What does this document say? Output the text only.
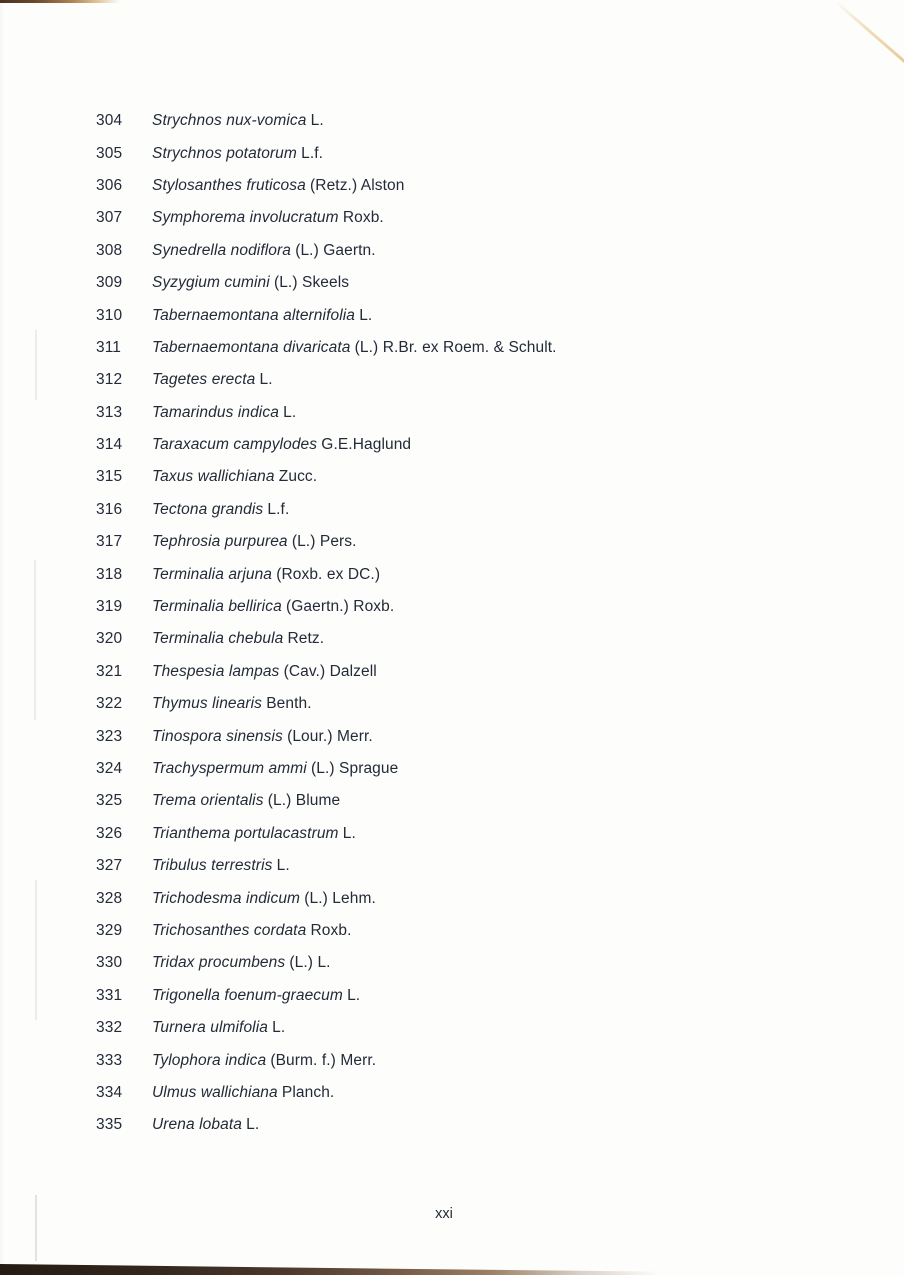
304	Strychnos nux-vomica L.
305	Strychnos potatorum L.f.
306	Stylosanthes fruticosa (Retz.) Alston
307	Symphorema involucratum Roxb.
308	Synedrella nodiflora (L.) Gaertn.
309	Syzygium cumini (L.) Skeels
310	Tabernaemontana alternifolia L.
311	Tabernaemontana divaricata (L.) R.Br. ex Roem. & Schult.
312	Tagetes erecta L.
313	Tamarindus indica L.
314	Taraxacum campylodes G.E.Haglund
315	Taxus wallichiana Zucc.
316	Tectona grandis L.f.
317	Tephrosia purpurea (L.) Pers.
318	Terminalia arjuna (Roxb. ex DC.)
319	Terminalia bellirica (Gaertn.) Roxb.
320	Terminalia chebula Retz.
321	Thespesia lampas (Cav.) Dalzell
322	Thymus linearis Benth.
323	Tinospora sinensis (Lour.) Merr.
324	Trachyspermum ammi (L.) Sprague
325	Trema orientalis (L.) Blume
326	Trianthema portulacastrum L.
327	Tribulus terrestris L.
328	Trichodesma indicum (L.) Lehm.
329	Trichosanthes cordata Roxb.
330	Tridax procumbens (L.) L.
331	Trigonella foenum-graecum L.
332	Turnera ulmifolia L.
333	Tylophora indica (Burm. f.) Merr.
334	Ulmus wallichiana Planch.
335	Urena lobata L.
xxi
